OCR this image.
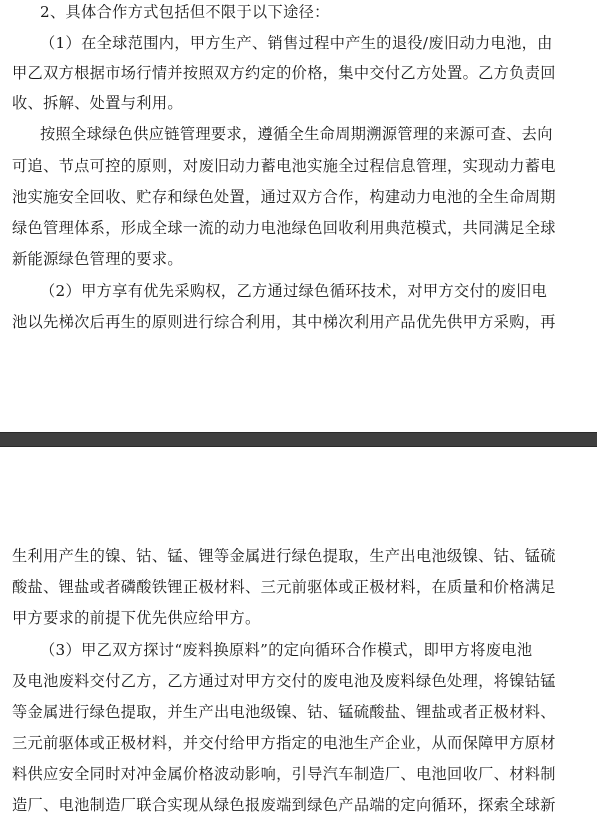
2、具体合作方式包括但不限于以下途径：
（1）在全球范围内，甲方生产、销售过程中产生的退役/废旧动力电池，由
甲乙双方根据市场行情并按照双方约定的价格，集中交付乙方处置。乙方负责回
收、拆解、处置与利用。
按照全球绿色供应链管理要求，遵循全生命周期溯源管理的来源可查、去向
可追、节点可控的原则，对废旧动力蓄电池实施全过程信息管理，实现动力蓄电
池实施安全回收、贮存和绿色处置，通过双方合作，构建动力电池的全生命周期
绿色管理体系，形成全球一流的动力电池绿色回收利用典范模式，共同满足全球
新能源绿色管理的要求。
（2）甲方享有优先采购权，乙方通过绿色循环技术，对甲方交付的废旧电
池以先梯次后再生的原则进行综合利用，其中梯次利用产品优先供甲方采购，再
生利用产生的镍、钴、锰、锂等金属进行绿色提取，生产出电池级镍、钴、锰硫
酸盐、锂盐或者磷酸铁锂正极材料、三元前驱体或正极材料，在质量和价格满足
甲方要求的前提下优先供应给甲方。
（3）甲乙双方探讨“废料换原料”的定向循环合作模式，即甲方将废电池
及电池废料交付乙方，乙方通过对甲方交付的废电池及废料绿色处理，将镍钴锰
等金属进行绿色提取，并生产出电池级镍、钴、锰硫酸盐、锂盐或者正极材料、
三元前驱体或正极材料，并交付给甲方指定的电池生产企业，从而保障甲方原材
料供应安全同时对冲金属价格波动影响，引导汽车制造厂、电池回收厂、材料制
造厂、电池制造厂联合实现从绿色报废端到绿色产品端的定向循环，探索全球新
